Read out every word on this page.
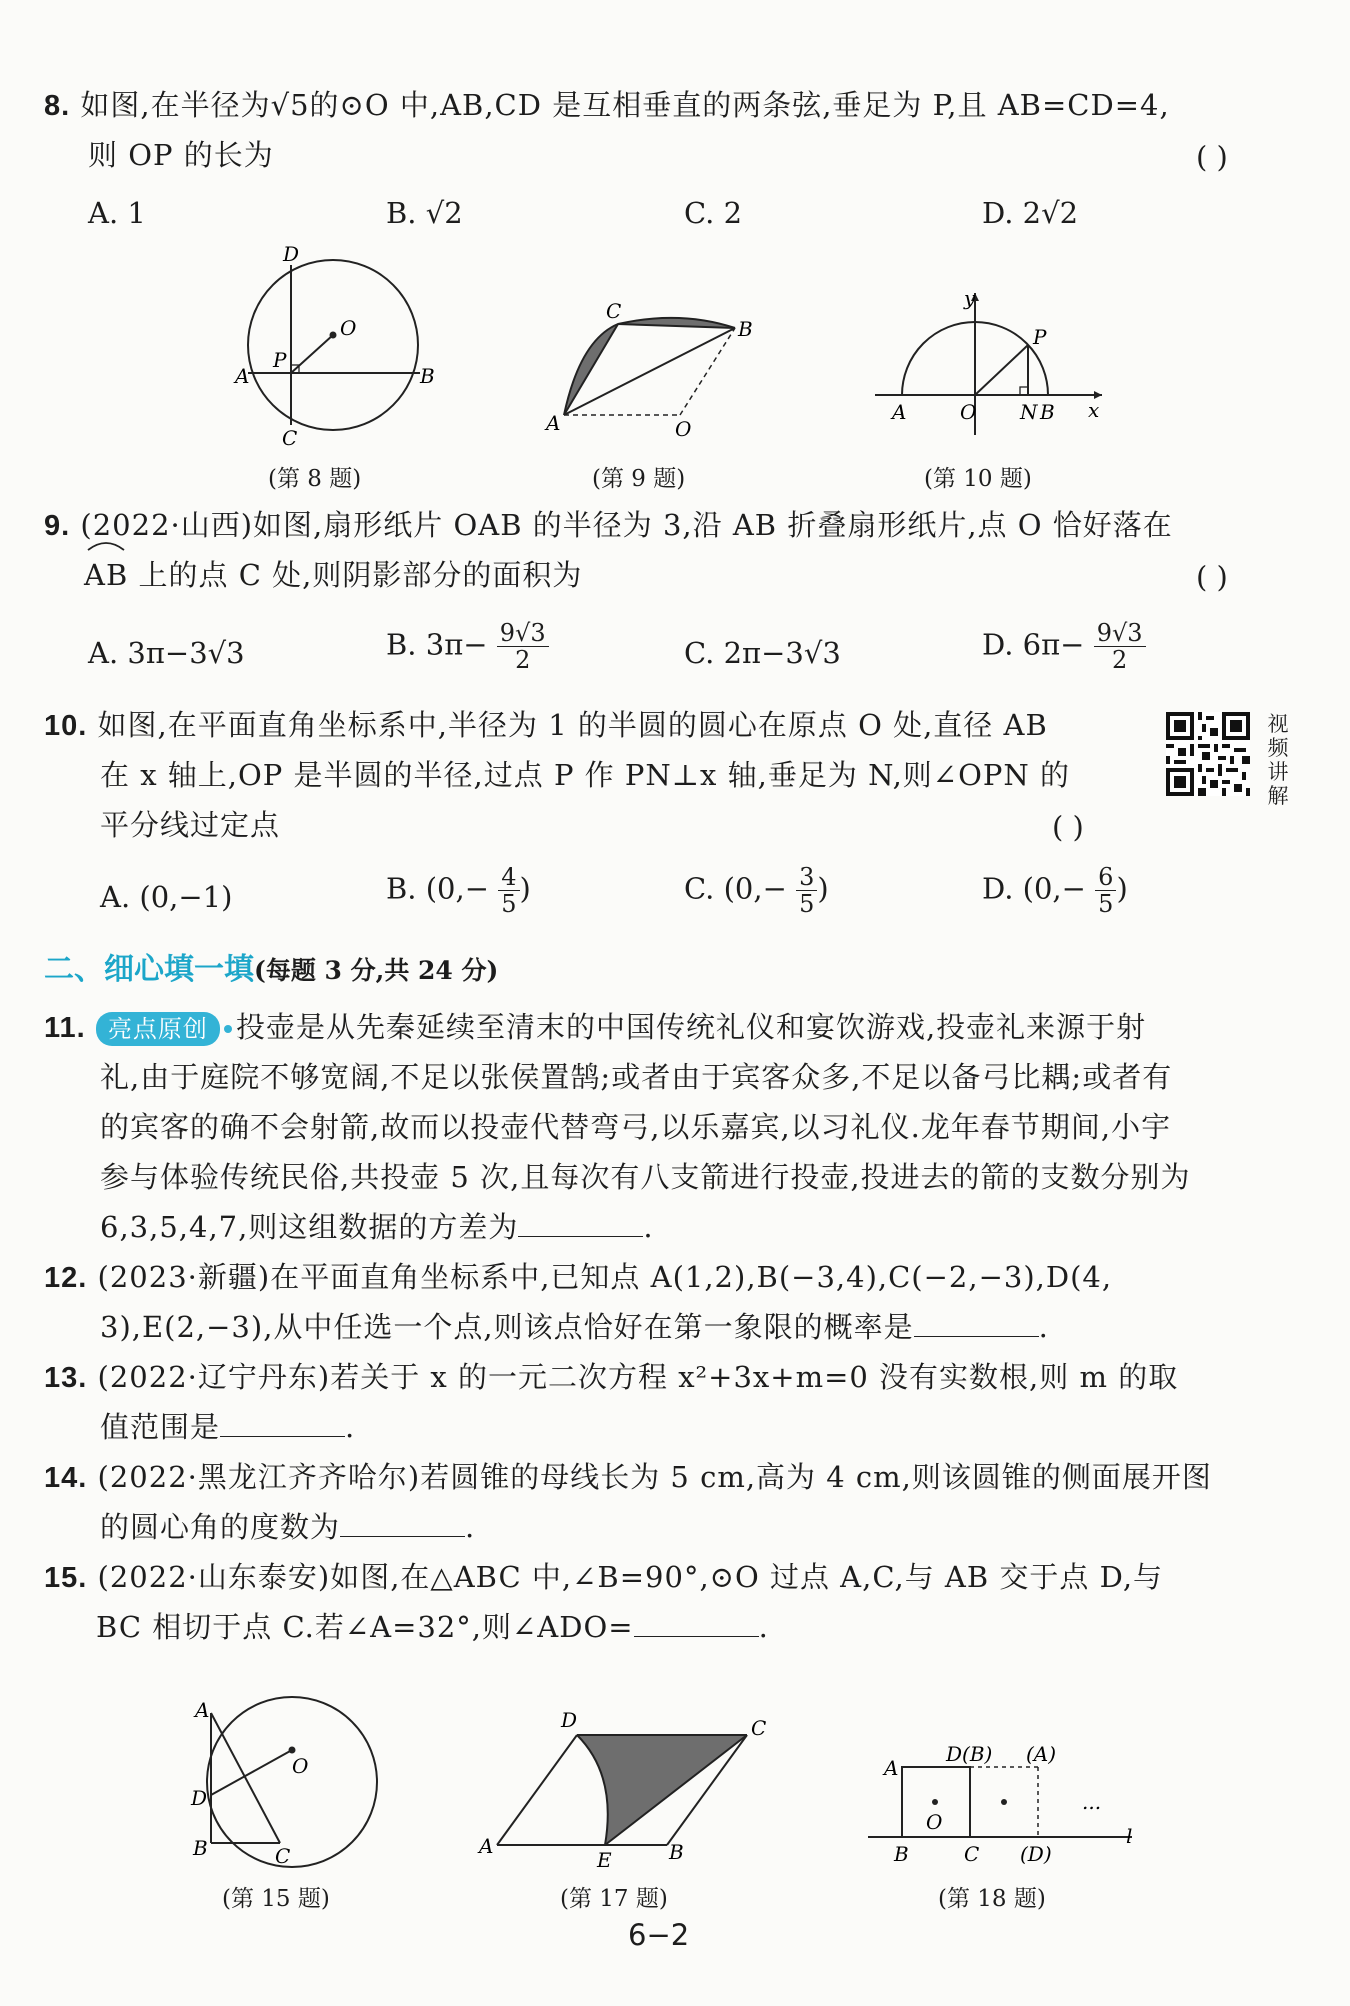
8. 如图,在半径为√5的⊙O 中,AB,CD 是互相垂直的两条弦,垂足为 P,且 AB=CD=4,
则 OP 的长为	( )
A. 1	B. √2	C. 2	D. 2√2
D
O
P
A	B
C
(第 8 题)
C
B
A	O
(第 9 题)
y
P
A	O N B x
(第 10 题)
9. (2022·山西)如图,扇形纸片 OAB 的半径为 3,沿 AB 折叠扇形纸片,点 O 恰好落在
AB 上的点 C 处,则阴影部分的面积为	( )
A. 3π−3√3	B. $3\pi- \frac{9√3}{2}$	C. 2π−3√3	D. $6\pi- \frac{9√3}{2}$
10. 如图,在平面直角坐标系中,半径为 1 的半圆的圆心在原点 O 处,直径 AB
在 x 轴上,OP 是半圆的半径,过点 P 作 PN⊥x 轴,垂足为 N,则∠OPN 的
平分线过定点	( )
视
频
讲
解
A. (0,−1)	B. ($0,- \frac{4}{5}$ )	C. ($0,- \frac{3}{5}$ )	D. ($0,- \frac{6}{5}$ )
二、细心填一填(每题 3 分,共 24 分)
11. 亮点原创 投壶是从先秦延续至清末的中国传统礼仪和宴饮游戏,投壶礼来源于射
礼,由于庭院不够宽阔,不足以张侯置鹄;或者由于宾客众多,不足以备弓比耦;或者有
的宾客的确不会射箭,故而以投壶代替弯弓,以乐嘉宾,以习礼仪.龙年春节期间,小宇
参与体验传统民俗,共投壶 5 次,且每次有八支箭进行投壶,投进去的箭的支数分别为
6,3,5,4,7,则这组数据的方差为	.
12. (2023·新疆)在平面直角坐标系中,已知点 A(1,2),B(−3,4),C(−2,−3),D(4,
3),E(2,−3),从中任选一个点,则该点恰好在第一象限的概率是	.
13. (2022·辽宁丹东)若关于 x 的一元二次方程 x²+3x+m=0 没有实数根,则 m 的取
值范围是	.
14. (2022·黑龙江齐齐哈尔)若圆锥的母线长为 5 cm,高为 4 cm,则该圆锥的侧面展开图
的圆心角的度数为	.
15. (2022·山东泰安)如图,在△ABC 中,∠B=90°,⊙O 过点 A,C,与 AB 交于点 D,与
BC 相切于点 C.若∠A=32°,则∠ADO=	.
A
O
D
B	C
(第 15 题)
D	C
A
E	B
(第 17 题)
D(B) (A)
A
O
...
B	C (D)
l
(第 18 题)
6−2
